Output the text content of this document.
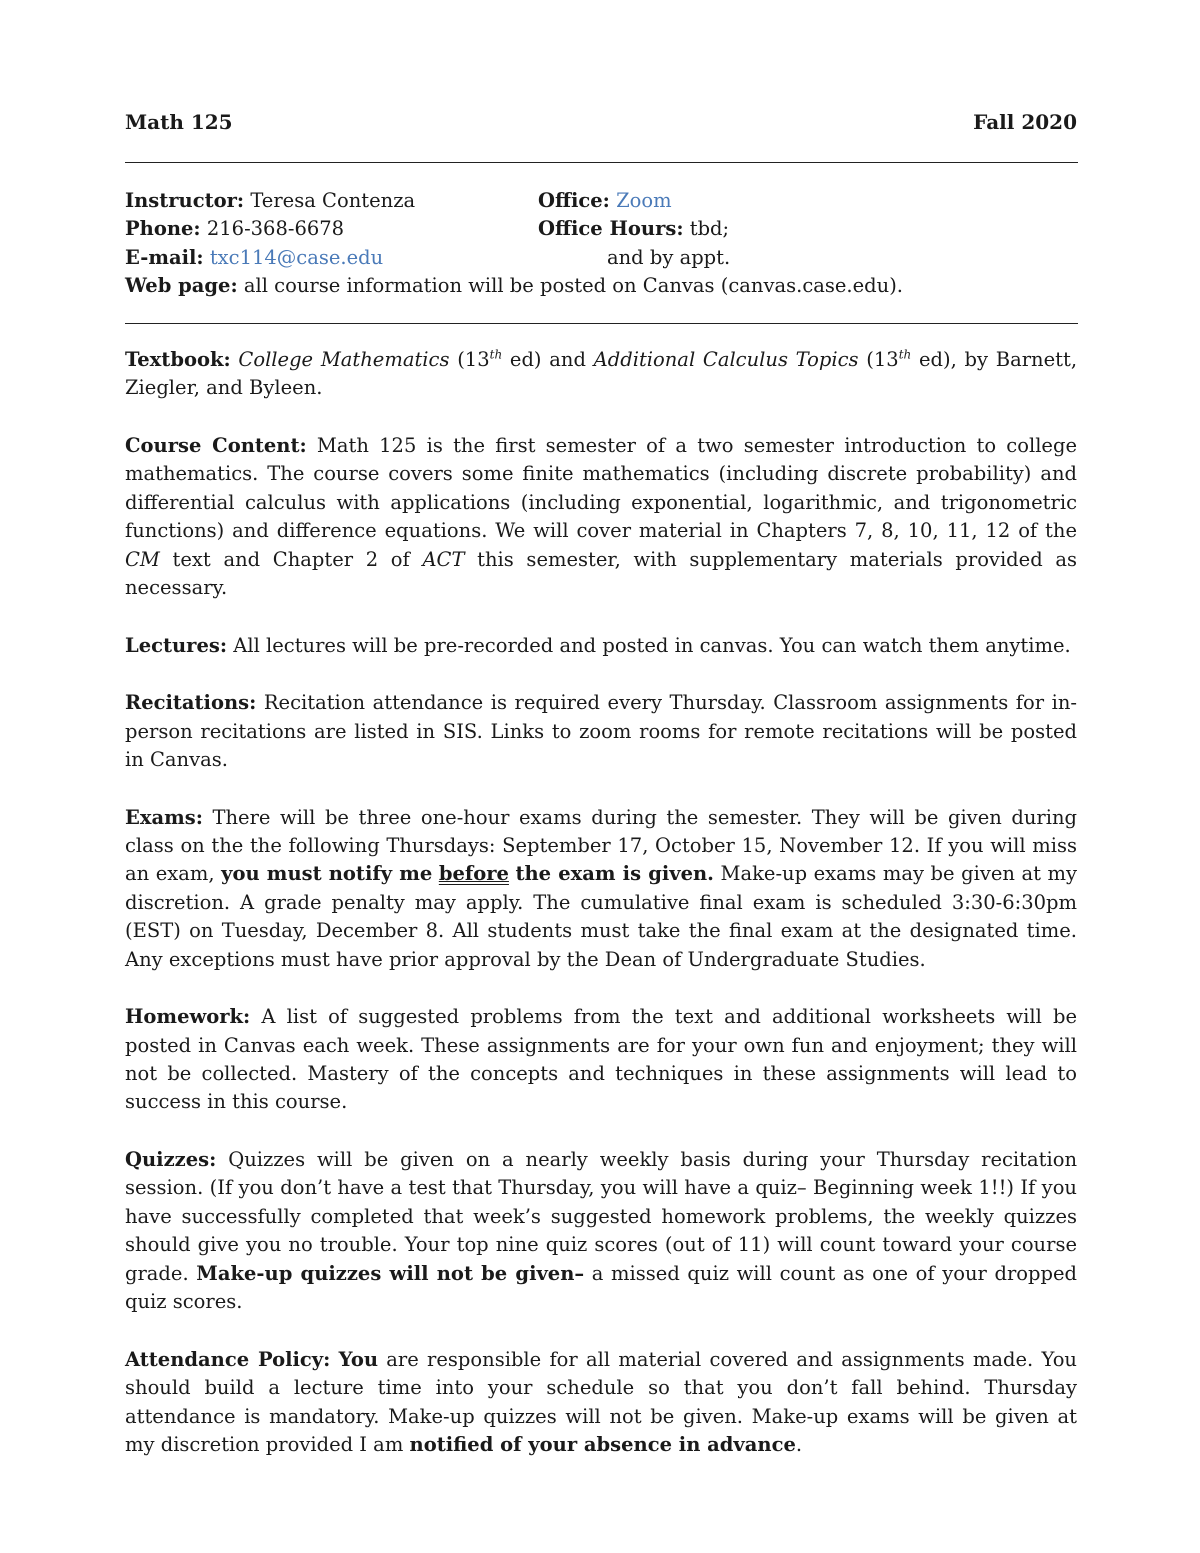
Math 125	Fall 2020
Instructor: Teresa Contenza	Office: Zoom
Phone: 216-368-6678	Office Hours: tbd;
E-mail: txc114@case.edu	and by appt.
Web page: all course information will be posted on Canvas (canvas.case.edu).

Textbook: College Mathematics (13th ed) and Additional Calculus Topics (13th ed), by Barnett, Ziegler, and Byleen.

Course Content: Math 125 is the first semester of a two semester introduction to college mathematics. The course covers some finite mathematics (including discrete probability) and differential calculus with applications (including exponential, logarithmic, and trigonometric functions) and difference equations. We will cover material in Chapters 7, 8, 10, 11, 12 of the CM text and Chapter 2 of ACT this semester, with supplementary materials provided as necessary.

Lectures: All lectures will be pre-recorded and posted in canvas. You can watch them anytime.

Recitations: Recitation attendance is required every Thursday. Classroom assignments for in-person recitations are listed in SIS. Links to zoom rooms for remote recitations will be posted in Canvas.

Exams: There will be three one-hour exams during the semester. They will be given during class on the the following Thursdays: September 17, October 15, November 12. If you will miss an exam, you must notify me before the exam is given. Make-up exams may be given at my discretion. A grade penalty may apply. The cumulative final exam is scheduled 3:30-6:30pm (EST) on Tuesday, December 8. All students must take the final exam at the designated time. Any exceptions must have prior approval by the Dean of Undergraduate Studies.

Homework: A list of suggested problems from the text and additional worksheets will be posted in Canvas each week. These assignments are for your own fun and enjoyment; they will not be collected. Mastery of the concepts and techniques in these assignments will lead to success in this course.

Quizzes: Quizzes will be given on a nearly weekly basis during your Thursday recitation session. (If you don’t have a test that Thursday, you will have a quiz– Beginning week 1!!) If you have successfully completed that week’s suggested homework problems, the weekly quizzes should give you no trouble. Your top nine quiz scores (out of 11) will count toward your course grade. Make-up quizzes will not be given– a missed quiz will count as one of your dropped quiz scores.

Attendance Policy: You are responsible for all material covered and assignments made. You should build a lecture time into your schedule so that you don’t fall behind. Thursday attendance is mandatory. Make-up quizzes will not be given. Make-up exams will be given at my discretion provided I am notified of your absence in advance.
